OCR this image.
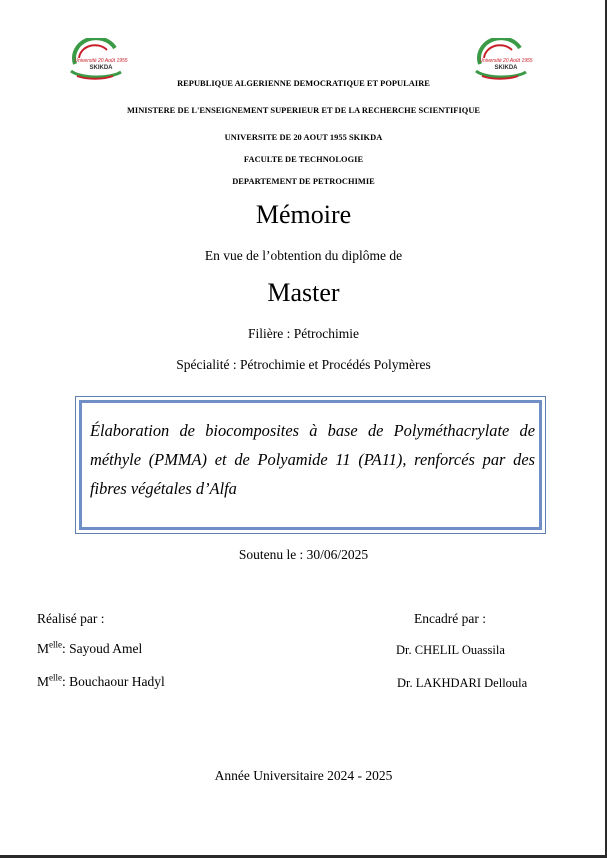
Université 20 Août 1955
SKIKDA
Université 20 Août 1955
SKIKDA
REPUBLIQUE ALGERIENNE DEMOCRATIQUE ET POPULAIRE
MINISTERE DE L'ENSEIGNEMENT SUPERIEUR ET DE LA RECHERCHE SCIENTIFIQUE
UNIVERSITE DE 20 AOUT 1955 SKIKDA
FACULTE DE TECHNOLOGIE
DEPARTEMENT DE PETROCHIMIE
Mémoire
En vue de l’obtention du diplôme de
Master
Filière : Pétrochimie
Spécialité : Pétrochimie et Procédés Polymères
Élaboration de biocomposites à base de Polyméthacrylate de méthyle (PMMA) et de Polyamide 11 (PA11), renforcés par des fibres végétales d’Alfa
Soutenu le : 30/06/2025
Réalisé par :
$M^{elle}$: Sayoud Amel
$M^{elle}$: Bouchaour Hadyl
Encadré par :
Dr. CHELIL Ouassila
Dr. LAKHDARI Delloula
Année Universitaire 2024 - 2025
